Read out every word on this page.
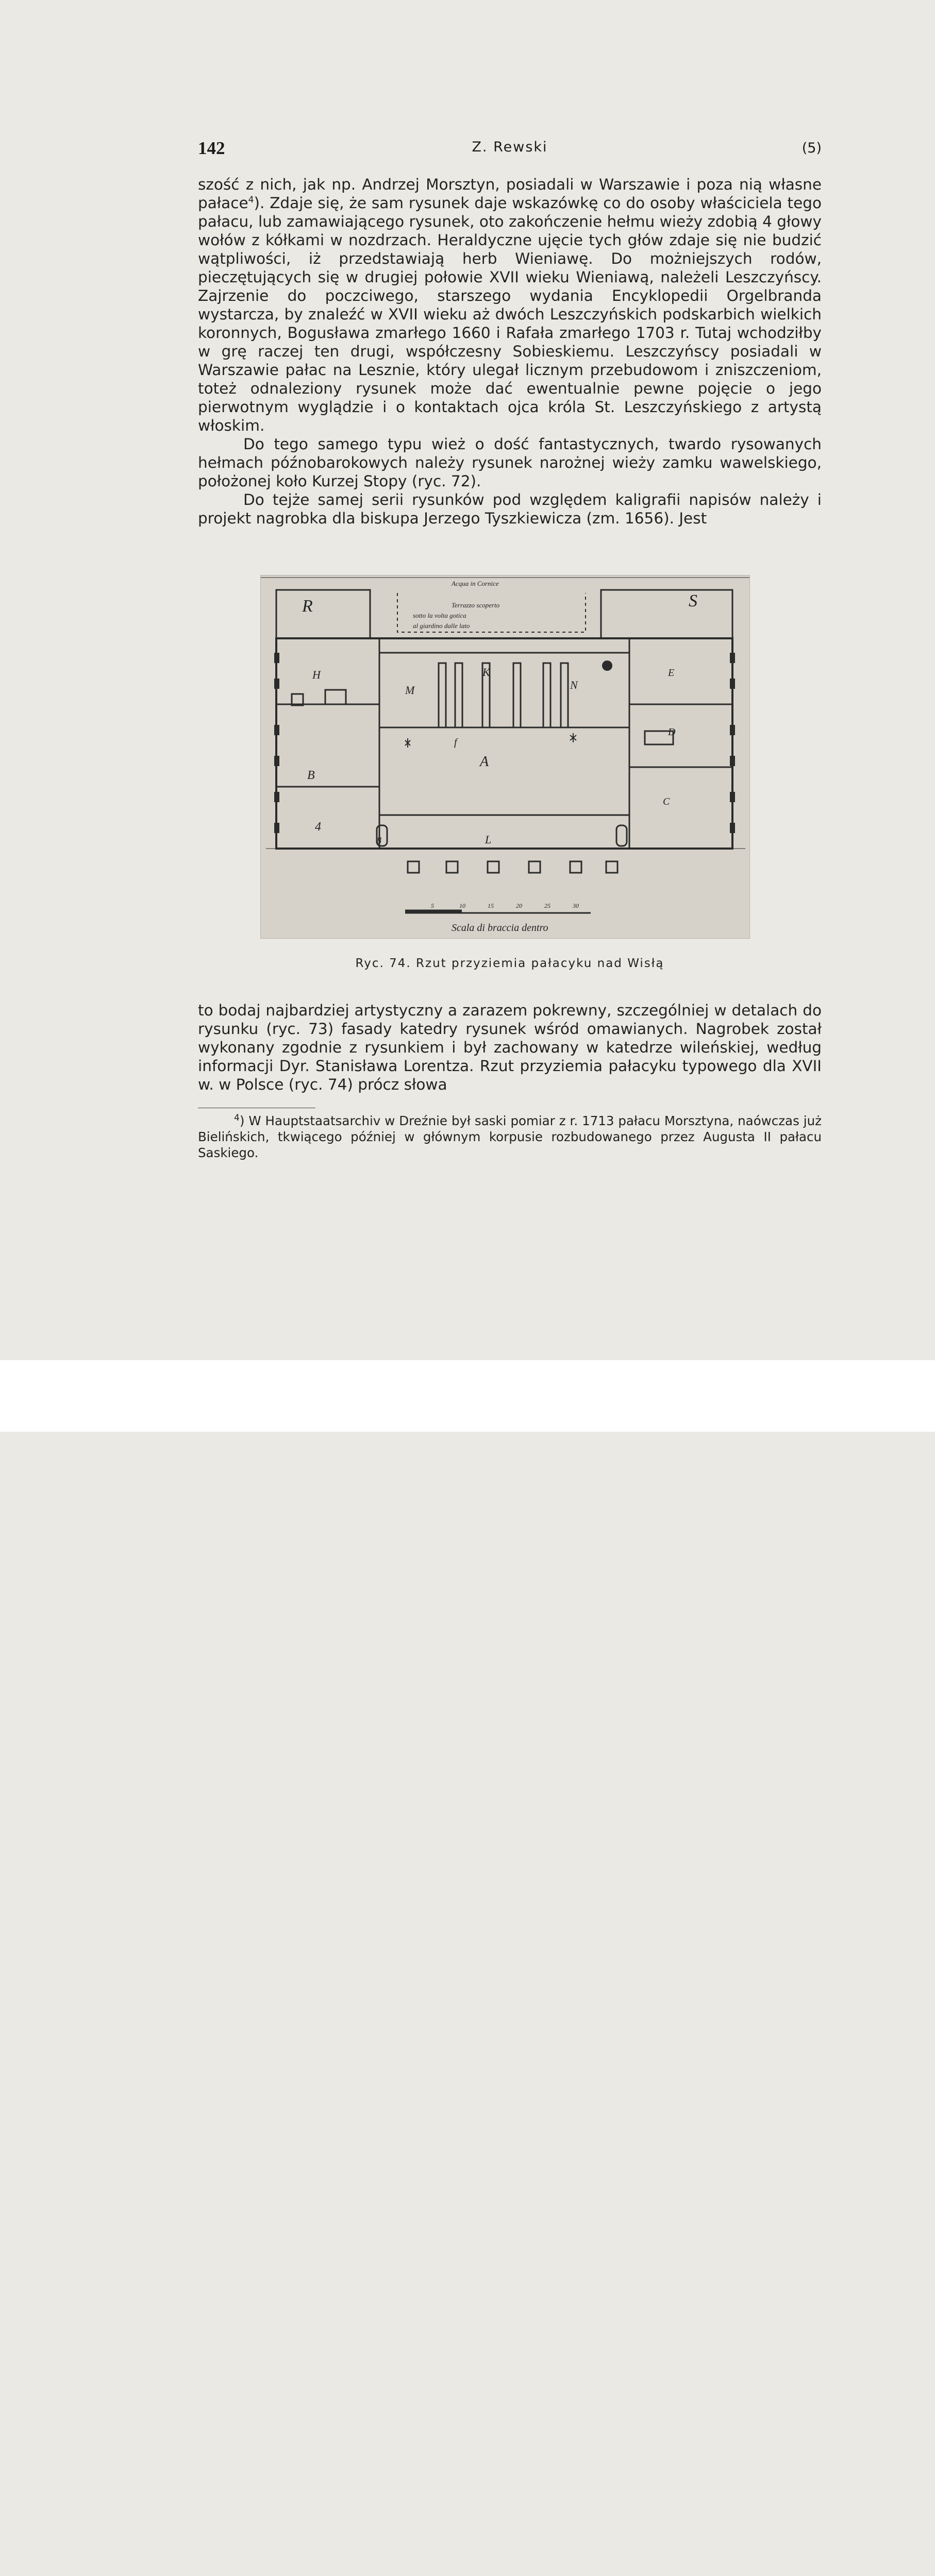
142	Z. Rewski	(5)

szość z nich, jak np. Andrzej Morsztyn, posiadali w Warszawie i poza nią własne pałace$^4$). Zdaje się, że sam rysunek daje wskazówkę co do osoby właściciela tego pałacu, lub zamawiającego rysunek, oto zakończenie hełmu wieży zdobią 4 głowy wołów z kółkami w nozdrzach. Heraldyczne ujęcie tych głów zdaje się nie budzić wątpliwości, iż przedstawiają herb Wieniawę. Do możniejszych rodów, pieczętujących się w drugiej połowie XVII wieku Wieniawą, należeli Leszczyńscy. Zajrzenie do poczciwego, starszego wydania Encyklopedii Orgelbranda wystarcza, by znaleźć w XVII wieku aż dwóch Leszczyńskich podskarbich wielkich koronnych, Bogusława zmarłego 1660 i Rafała zmarłego 1703 r. Tutaj wchodziłby w grę raczej ten drugi, współczesny Sobieskiemu. Leszczyńscy posiadali w Warszawie pałac na Lesznie, który ulegał licznym przebudowom i zniszczeniom, toteż odnaleziony rysunek może dać ewentualnie pewne pojęcie o jego pierwotnym wyglądzie i o kontaktach ojca króla St. Leszczyńskiego z artystą włoskim.

Do tego samego typu wież o dość fantastycznych, twardo rysowanych hełmach późnobarokowych należy rysunek narożnej wieży zamku wawelskiego, położonej koło Kurzej Stopy (ryc. 72).

Do tejże samej serii rysunków pod względem kaligrafii napisów należy i projekt nagrobka dla biskupa Jerzego Tyszkiewicza (zm. 1656). Jest

R	S
H
M
K
N
E
D
B
A
f
C
4
8	L
Acqua in Cornice
Terrazzo scoperto
sotto la volta gotica
al giardino dalle lato
5	10	15	20	25	30
Scala di braccia dentro
Ryc. 74. Rzut przyziemia pałacyku nad Wisłą

to bodaj najbardziej artystyczny a zarazem pokrewny, szczególniej w detalach do rysunku (ryc. 73) fasady katedry rysunek wśród omawianych. Nagrobek został wykonany zgodnie z rysunkiem i był zachowany w katedrze wileńskiej, według informacji Dyr. Stanisława Lorentza. Rzut przyziemia pałacyku typowego dla XVII w. w Polsce (ryc. 74) prócz słowa

$^4$) W Hauptstaatsarchiv w Dreźnie był saski pomiar z r. 1713 pałacu Morsztyna, naówczas już Bielińskich, tkwiącego później w głównym korpusie rozbudowanego przez Augusta II pałacu Saskiego.
